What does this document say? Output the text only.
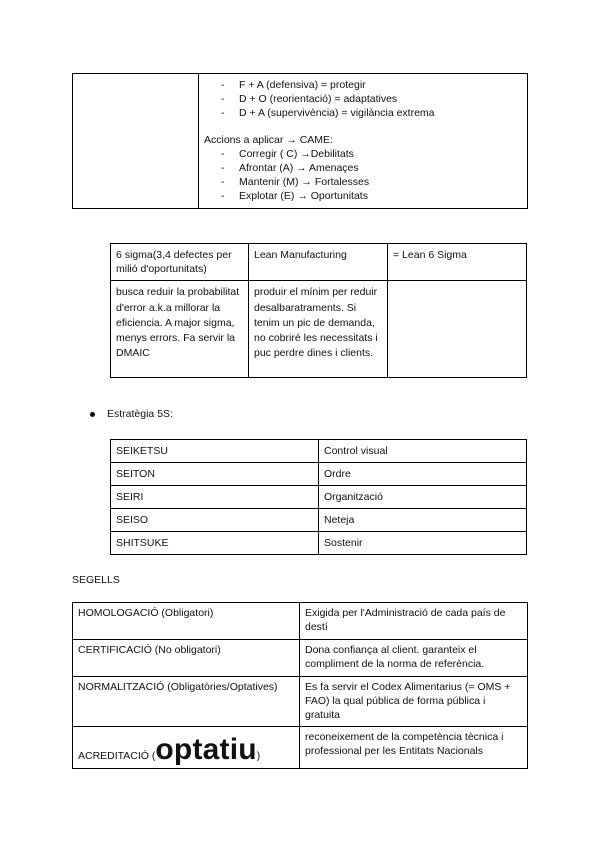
- F + A (defensiva) = protegir
- D + O (reorientació) = adaptatives
- D + A (supervivència) = vigilància extrema
Accions a aplicar → CAME:
- Corregir ( C) →Debilitats
- Afrontar (A) → Amenaçes
- Mantenir (M) → Fortalesses
- Explotar (E) → Oportunitats
6 sigma(3,4 defectes per milió d'oportunitats)	Lean Manufacturing	= Lean 6 Sigma
busca reduir la probabilitat d'error a.k.a millorar la eficiencia. A major sigma, menys errors. Fa servir la DMAIC	produir el mínim per reduir desalbaratraments. Si tenim un pic de demanda, no cobriré les necessitats i puc perdre dines i clients.	
Estratègia 5S:
SEIKETSU	Control visual
SEITON	Ordre
SEIRI	Organització
SEISO	Neteja
SHITSUKE	Sostenir
SEGELLS
HOMOLOGACIÓ (Obligatori)	Exigida per l'Administració de cada país de destí
CERTIFICACIÓ (No obligatori)	Dona confiança al client. garanteix el compliment de la norma de referència.
NORMALITZACIÓ (Obligatòries/Optatives)	Es fa servir el Codex Alimentarius (= OMS + FAO) la qual pública de forma pública i gratuita

ACREDITACIÓ (optatiu)	reconeixement de la competència tècnica i professional per les Entitats Nacionals
